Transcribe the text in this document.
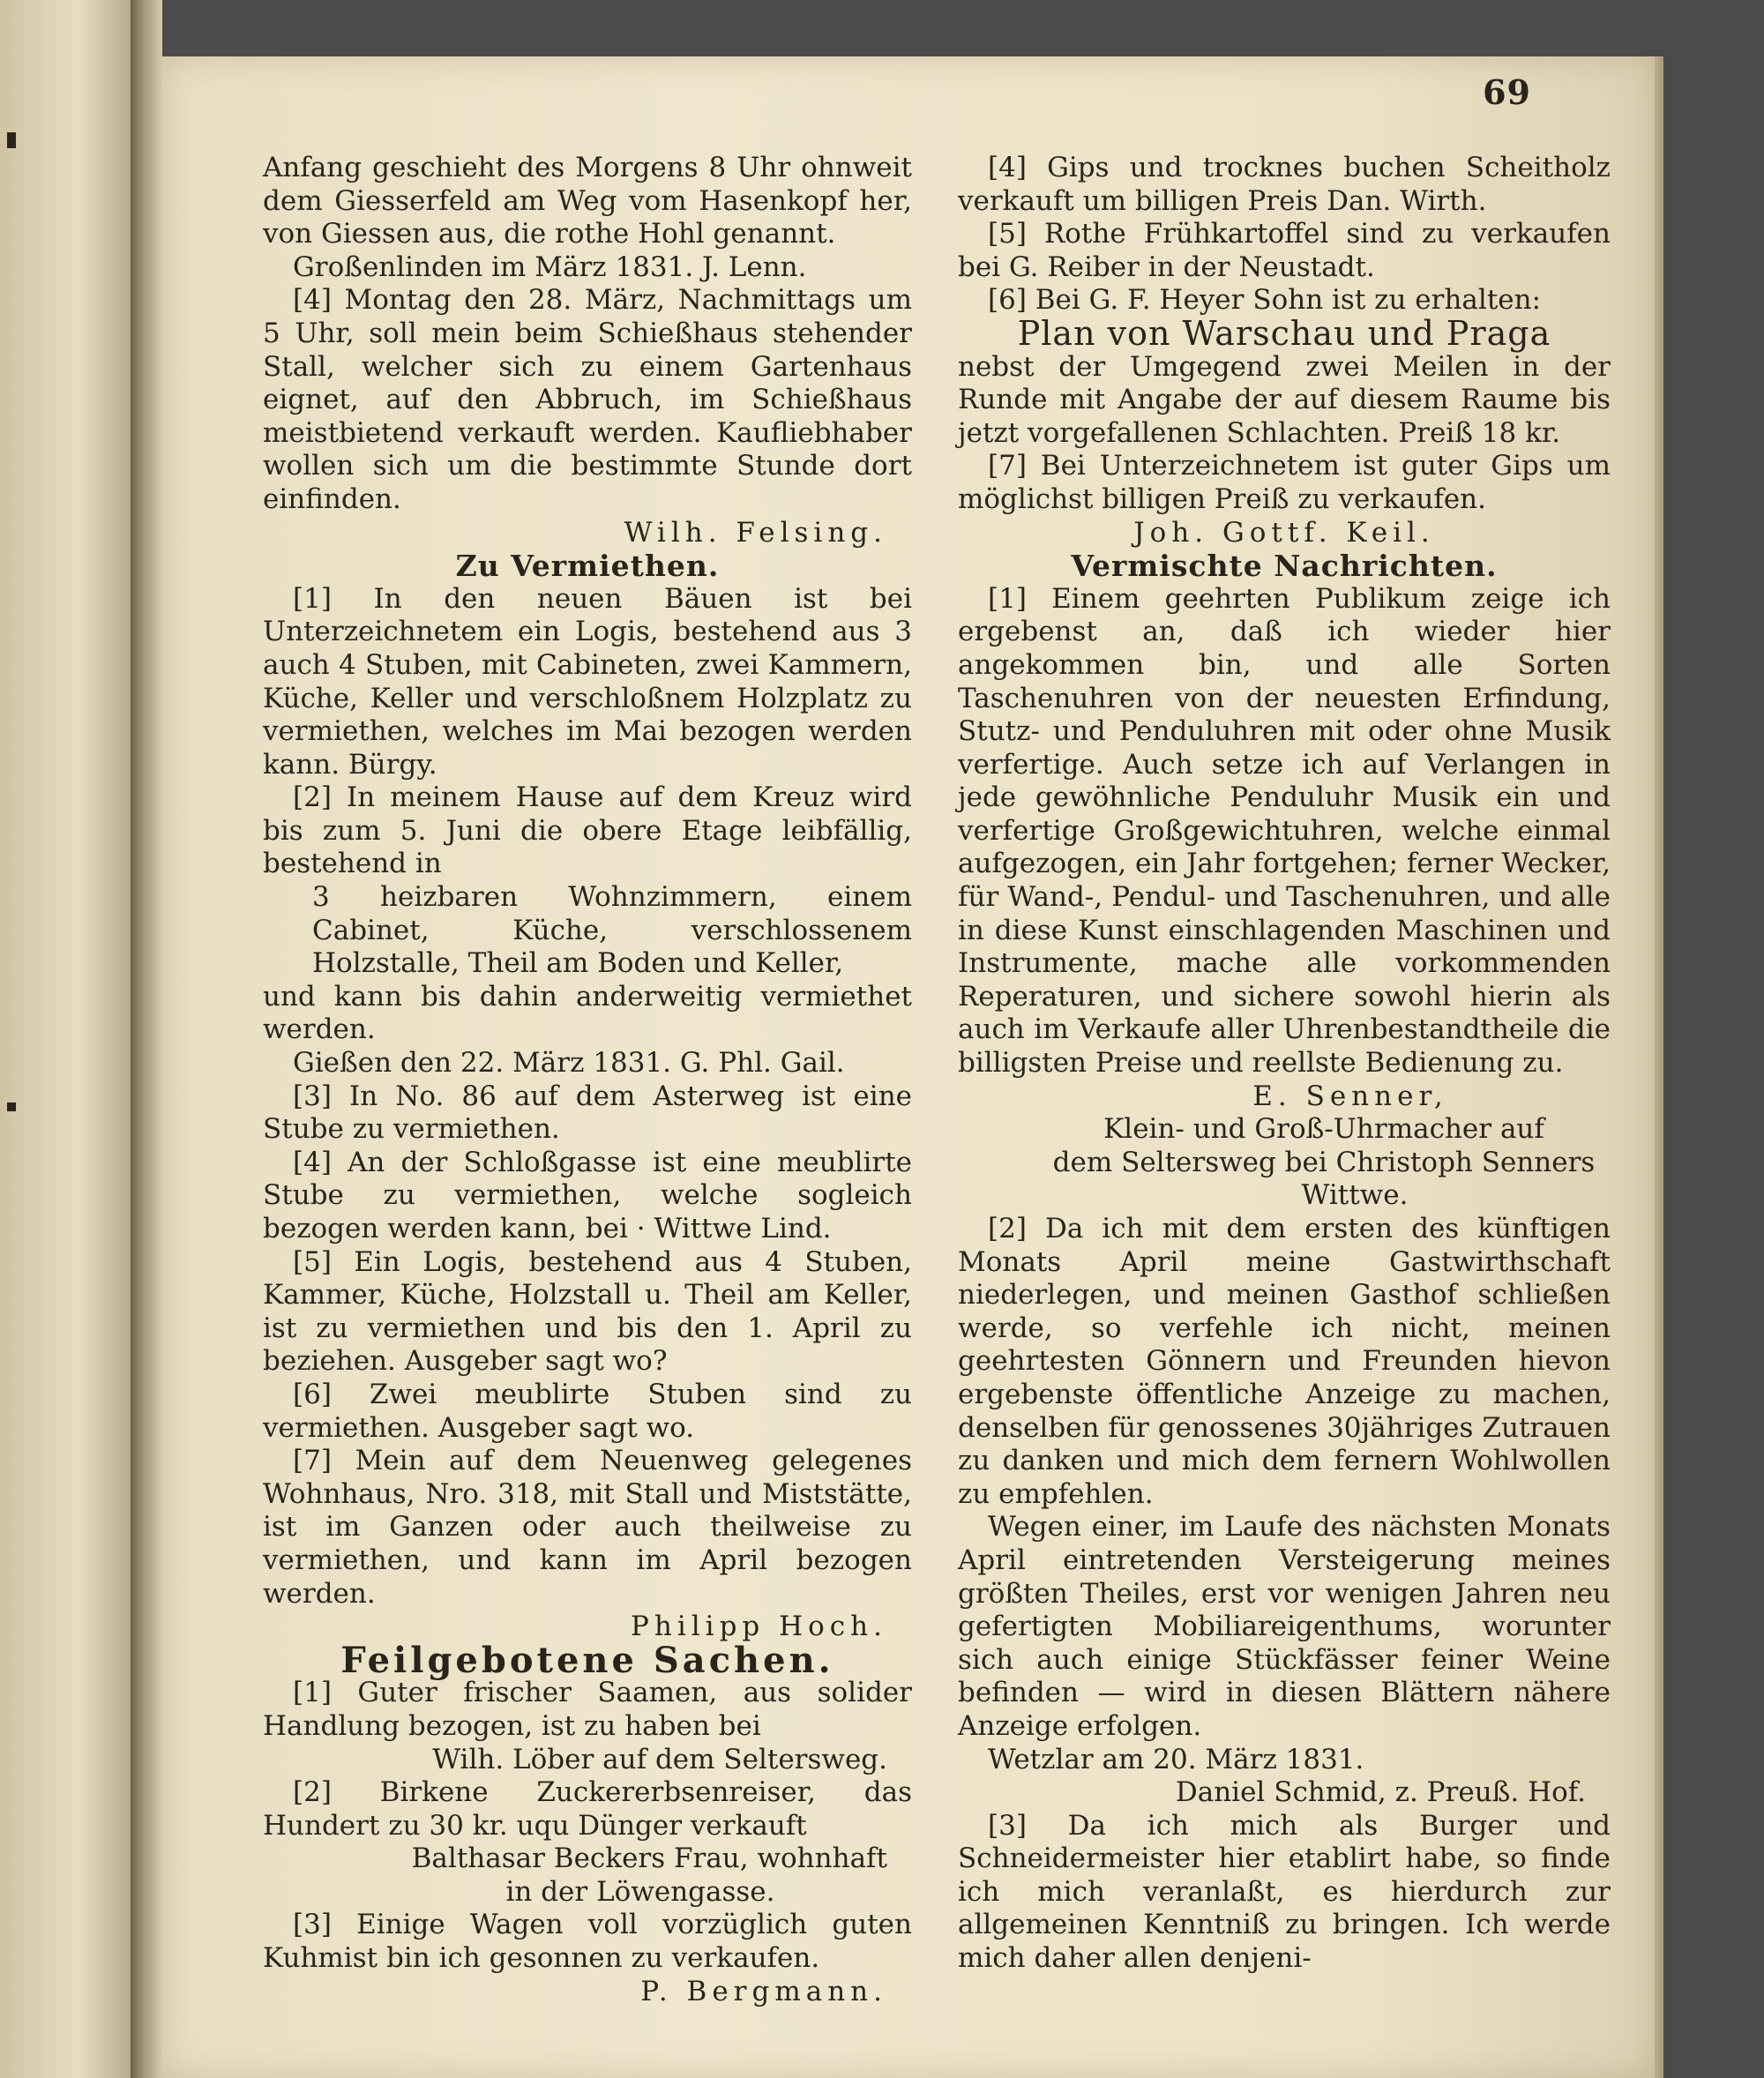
69

Anfang geschieht des Morgens 8 Uhr ohnweit dem Giesserfeld am Weg vom Hasenkopf her, von Giessen aus, die rothe Hohl genannt.

Großenlinden im März 1831. J. Lenn.

[4] Montag den 28. März, Nachmittags um 5 Uhr, soll mein beim Schießhaus stehender Stall, welcher sich zu einem Gartenhaus eignet, auf den Abbruch, im Schießhaus meistbietend verkauft werden. Kaufliebhaber wollen sich um die bestimmte Stunde dort einfinden.

Wilh. Felsing.

Zu Vermiethen.

[1] In den neuen Bäuen ist bei Unterzeichnetem ein Logis, bestehend aus 3 auch 4 Stuben, mit Cabineten, zwei Kammern, Küche, Keller und verschloßnem Holzplatz zu vermiethen, welches im Mai bezogen werden kann. Bürgy.

[2] In meinem Hause auf dem Kreuz wird bis zum 5. Juni die obere Etage leibfällig, bestehend in

3 heizbaren Wohnzimmern, einem Cabinet, Küche, verschlossenem Holzstalle, Theil am Boden und Keller,

und kann bis dahin anderweitig vermiethet werden.

Gießen den 22. März 1831. G. Phl. Gail.

[3] In No. 86 auf dem Asterweg ist eine Stube zu vermiethen.

[4] An der Schloßgasse ist eine meublirte Stube zu vermiethen, welche sogleich bezogen werden kann, bei · Wittwe Lind.

[5] Ein Logis, bestehend aus 4 Stuben, Kammer, Küche, Holzstall u. Theil am Keller, ist zu vermiethen und bis den 1. April zu beziehen. Ausgeber sagt wo?

[6] Zwei meublirte Stuben sind zu vermiethen. Ausgeber sagt wo.

[7] Mein auf dem Neuenweg gelegenes Wohnhaus, Nro. 318, mit Stall und Miststätte, ist im Ganzen oder auch theilweise zu vermiethen, und kann im April bezogen werden.

Philipp Hoch.

Feilgebotene Sachen.

[1] Guter frischer Saamen, aus solider Handlung bezogen, ist zu haben bei

Wilh. Löber auf dem Seltersweg.

[2] Birkene Zuckererbsenreiser, das Hundert zu 30 kr. uqu Dünger verkauft

Balthasar Beckers Frau, wohnhaft

in der Löwengasse.

[3] Einige Wagen voll vorzüglich guten Kuhmist bin ich gesonnen zu verkaufen.

P. Bergmann.

[4] Gips und trocknes buchen Scheitholz verkauft um billigen Preis Dan. Wirth.

[5] Rothe Frühkartoffel sind zu verkaufen bei G. Reiber in der Neustadt.

[6] Bei G. F. Heyer Sohn ist zu erhalten:

Plan von Warschau und Praga

nebst der Umgegend zwei Meilen in der Runde mit Angabe der auf diesem Raume bis jetzt vorgefallenen Schlachten. Preiß 18 kr.

[7] Bei Unterzeichnetem ist guter Gips um möglichst billigen Preiß zu verkaufen.

Joh. Gottf. Keil.

Vermischte Nachrichten.

[1] Einem geehrten Publikum zeige ich ergebenst an, daß ich wieder hier angekommen bin, und alle Sorten Taschenuhren von der neuesten Erfindung, Stutz- und Penduluhren mit oder ohne Musik verfertige. Auch setze ich auf Verlangen in jede gewöhnliche Penduluhr Musik ein und verfertige Großgewichtuhren, welche einmal aufgezogen, ein Jahr fortgehen; ferner Wecker, für Wand-, Pendul- und Taschenuhren, und alle in diese Kunst einschlagenden Maschinen und Instrumente, mache alle vorkommenden Reperaturen, und sichere sowohl hierin als auch im Verkaufe aller Uhrenbestandtheile die billigsten Preise und reellste Bedienung zu.

E. Senner,

Klein- und Groß-Uhrmacher auf

dem Seltersweg bei Christoph Senners

Wittwe.

[2] Da ich mit dem ersten des künftigen Monats April meine Gastwirthschaft niederlegen, und meinen Gasthof schließen werde, so verfehle ich nicht, meinen geehrtesten Gönnern und Freunden hievon ergebenste öffentliche Anzeige zu machen, denselben für genossenes 30jähriges Zutrauen zu danken und mich dem fernern Wohlwollen zu empfehlen.

Wegen einer, im Laufe des nächsten Monats April eintretenden Versteigerung meines größten Theiles, erst vor wenigen Jahren neu gefertigten Mobiliareigenthums, worunter sich auch einige Stückfässer feiner Weine befinden — wird in diesen Blättern nähere Anzeige erfolgen.

Wetzlar am 20. März 1831.

Daniel Schmid, z. Preuß. Hof.

[3] Da ich mich als Burger und Schneidermeister hier etablirt habe, so finde ich mich veranlaßt, es hierdurch zur allgemeinen Kenntniß zu bringen. Ich werde mich daher allen denjeni-
